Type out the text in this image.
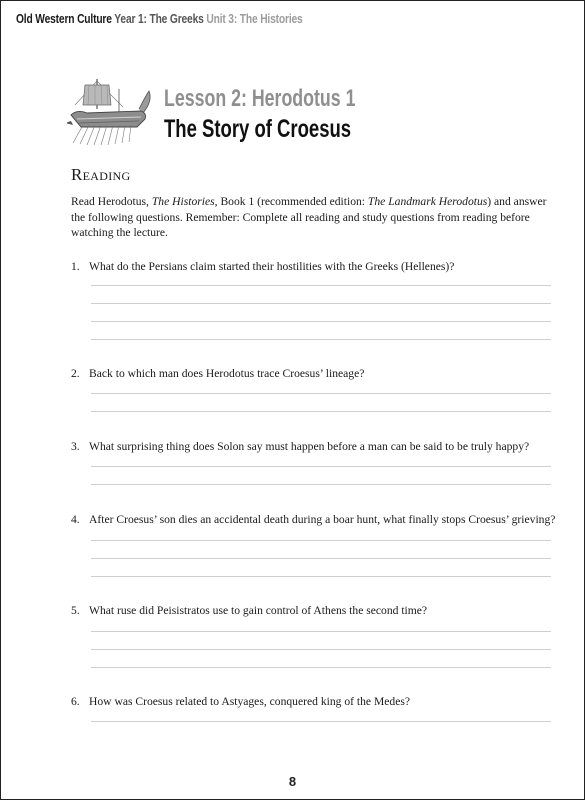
Old Western Culture Year 1: The Greeks Unit 3: The Histories
Lesson 2: Herodotus 1
The Story of Croesus
Reading
Read Herodotus, The Histories, Book 1 (recommended edition: The Landmark Herodotus) and answer the following questions. Remember: Complete all reading and study questions from reading before watching the lecture.
1. What do the Persians claim started their hostilities with the Greeks (Hellenes)?
2. Back to which man does Herodotus trace Croesus’ lineage?
3. What surprising thing does Solon say must happen before a man can be said to be truly happy?
4. After Croesus’ son dies an accidental death during a boar hunt, what finally stops Croesus’ grieving?
5. What ruse did Peisistratos use to gain control of Athens the second time?
6. How was Croesus related to Astyages, conquered king of the Medes?
8
